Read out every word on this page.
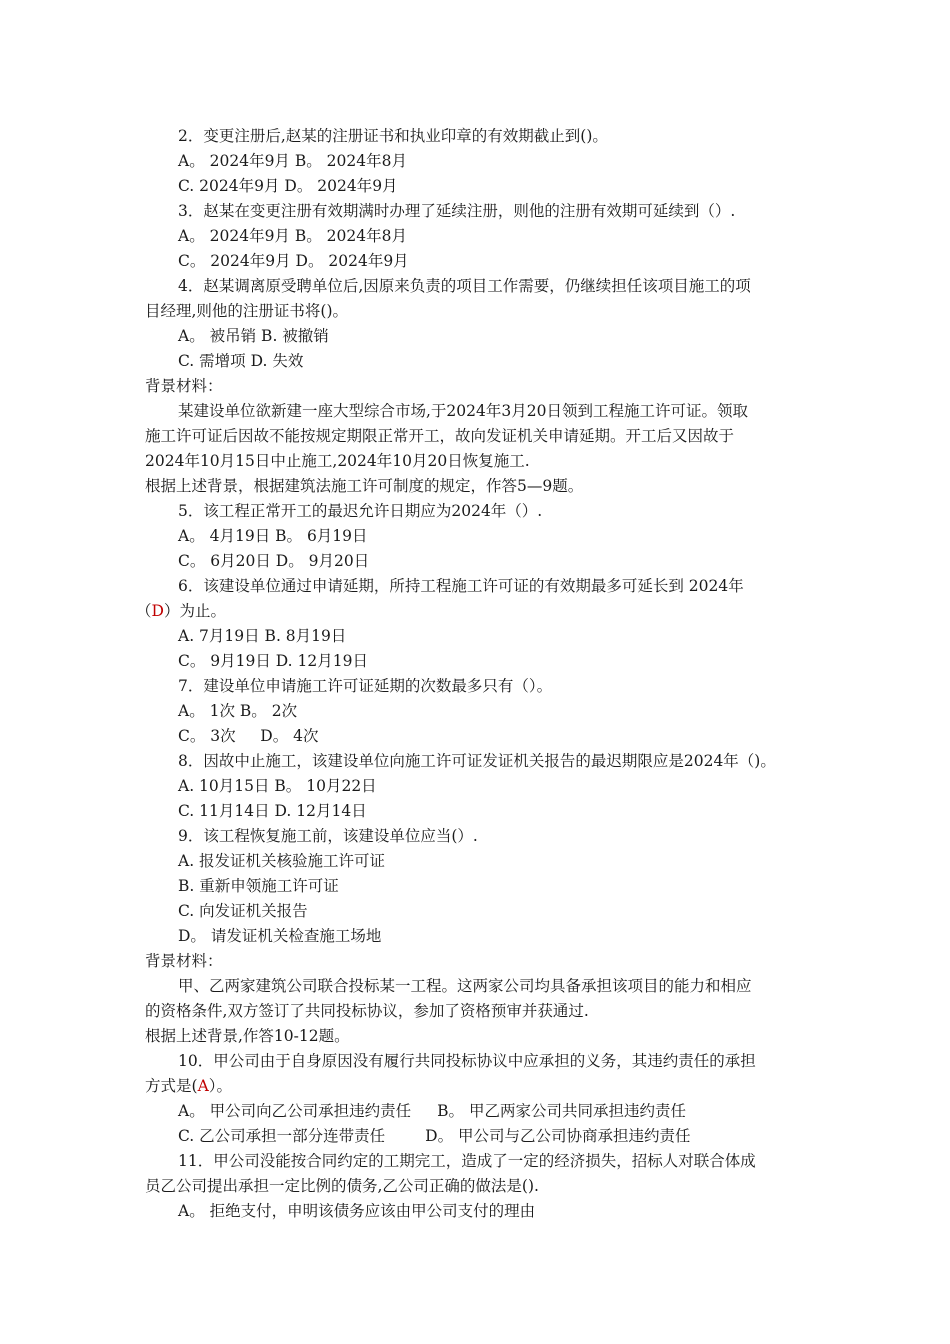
2．变更注册后,赵某的注册证书和执业印章的有效期截止到()。
A。 2024年9月 B。 2024年8月
C. 2024年9月 D。 2024年9月
3．赵某在变更注册有效期满时办理了延续注册，则他的注册有效期可延续到（）.
A。 2024年9月 B。 2024年8月
C。 2024年9月 D。 2024年9月
4．赵某调离原受聘单位后,因原来负责的项目工作需要，仍继续担任该项目施工的项
目经理,则他的注册证书将()。
A。 被吊销 B. 被撤销
C. 需增项 D. 失效
背景材料：
某建设单位欲新建一座大型综合市场,于2024年3月20日领到工程施工许可证。领取
施工许可证后因故不能按规定期限正常开工，故向发证机关申请延期。开工后又因故于
2024年10月15日中止施工,2024年10月20日恢复施工.
根据上述背景，根据建筑法施工许可制度的规定，作答5—9题。
5．该工程正常开工的最迟允许日期应为2024年（）.
A。 4月19日 B。 6月19日
C。 6月20日 D。 9月20日
6．该建设单位通过申请延期，所持工程施工许可证的有效期最多可延长到 2024年
（D）为止。
A. 7月19日 B. 8月19日
C。 9月19日 D. 12月19日
7．建设单位申请施工许可证延期的次数最多只有（）。
A。 1次 B。 2次
C。 3次     D。 4次
8．因故中止施工，该建设单位向施工许可证发证机关报告的最迟期限应是2024年（)。
A. 10月15日 B。 10月22日
C. 11月14日 D. 12月14日
9．该工程恢复施工前，该建设单位应当(）.
A. 报发证机关核验施工许可证
B. 重新申领施工许可证
C. 向发证机关报告
D。 请发证机关检查施工场地
背景材料：
甲、乙两家建筑公司联合投标某一工程。这两家公司均具备承担该项目的能力和相应
的资格条件,双方签订了共同投标协议，参加了资格预审并获通过.
根据上述背景,作答10-12题。
10．甲公司由于自身原因没有履行共同投标协议中应承担的义务，其违约责任的承担
方式是(A）。
A。 甲公司向乙公司承担违约责任 B。 甲乙两家公司共同承担违约责任
C. 乙公司承担一部分连带责任	D。 甲公司与乙公司协商承担违约责任
11．甲公司没能按合同约定的工期完工，造成了一定的经济损失，招标人对联合体成
员乙公司提出承担一定比例的债务,乙公司正确的做法是().
A。 拒绝支付，申明该债务应该由甲公司支付的理由
